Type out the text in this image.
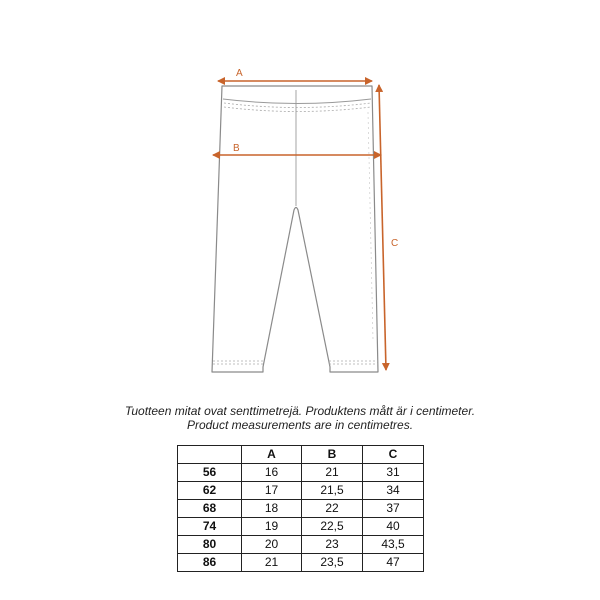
A
B
C
Tuotteen mitat ovat senttimetrejä. Produktens mått är i centimeter.
Product measurements are in centimetres.
	A	B	C
56	16	21	31
62	17	21,5	34
68	18	22	37
74	19	22,5	40
80	20	23	43,5
86	21	23,5	47
